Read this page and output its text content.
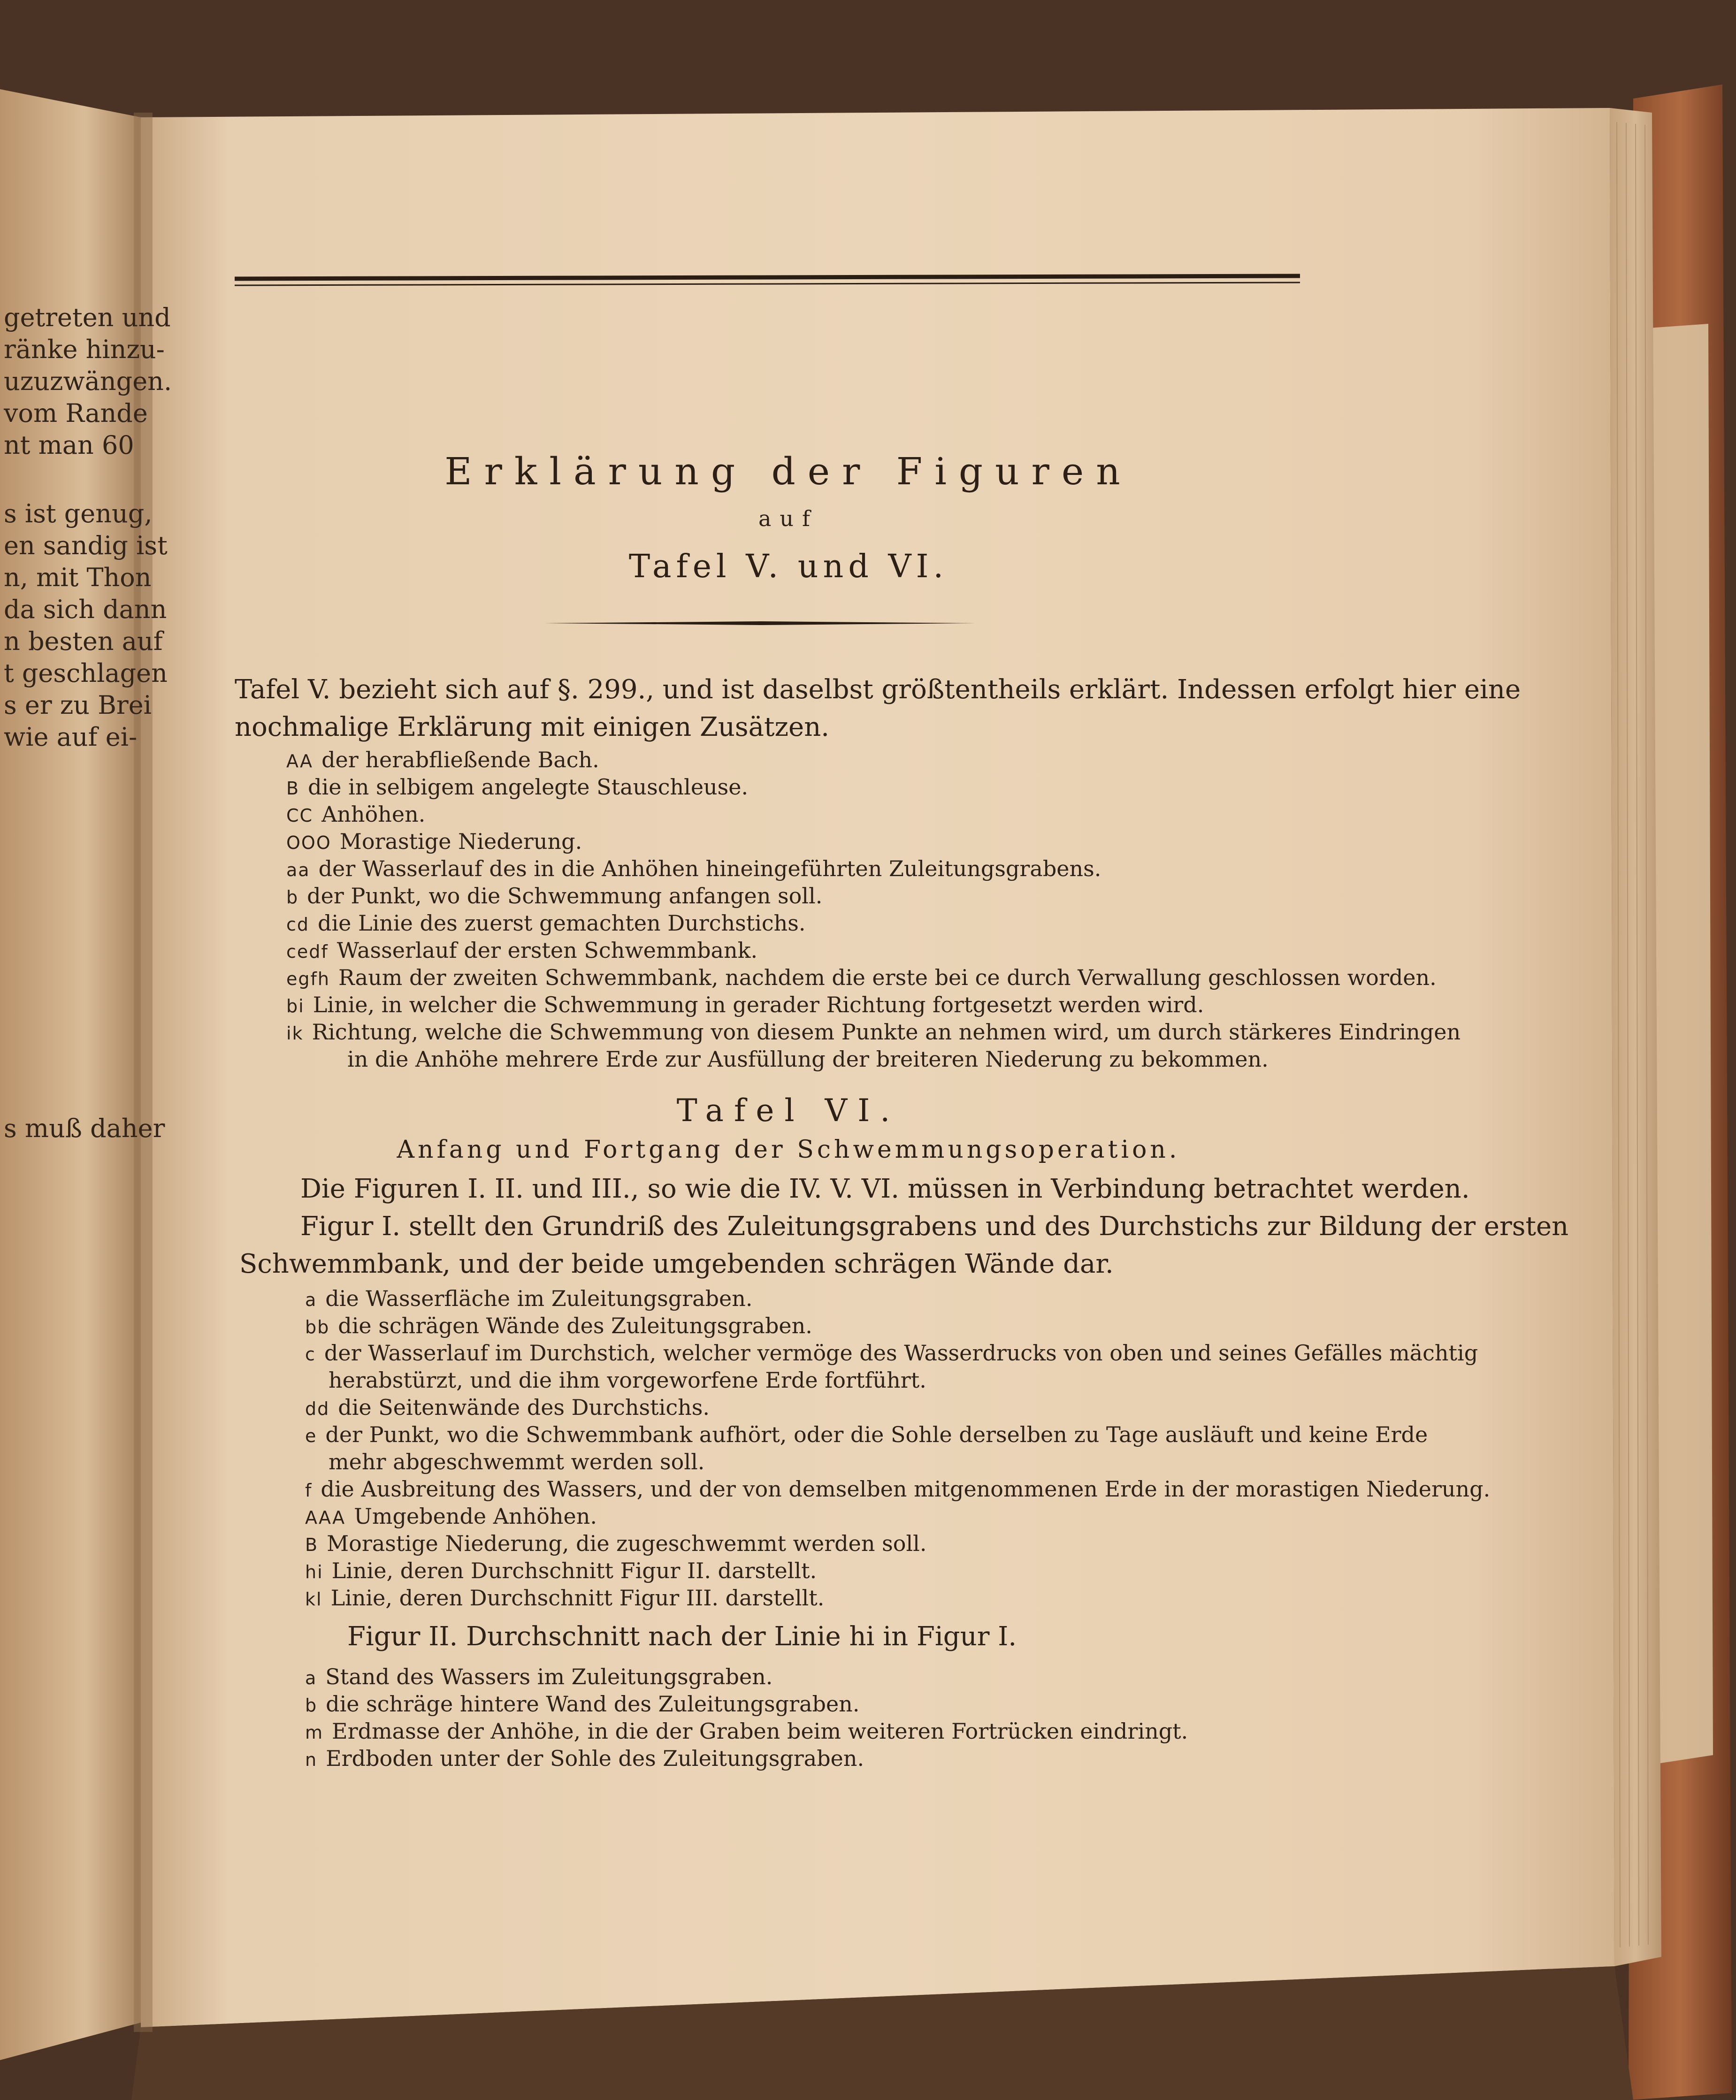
getreten und
ränke hinzu-
uzuzwängen.
vom Rande
nt man 60
s ist genug,
en sandig ist
n, mit Thon
da sich dann
n besten auf
t geschlagen
s er zu Brei
wie auf ei-
s muß daher
Erklärung der Figuren
auf
Tafel V. und VI.
Tafel V. bezieht sich auf §. 299., und ist daselbst größtentheils erklärt. Indessen erfolgt hier eine
nochmalige Erklärung mit einigen Zusätzen.
AA der herabfließende Bach.
B die in selbigem angelegte Stauschleuse.
CC Anhöhen.
OOO Morastige Niederung.
aa der Wasserlauf des in die Anhöhen hineingeführten Zuleitungsgrabens.
b der Punkt, wo die Schwemmung anfangen soll.
cd die Linie des zuerst gemachten Durchstichs.
cedf Wasserlauf der ersten Schwemmbank.
egfh Raum der zweiten Schwemmbank, nachdem die erste bei ce durch Verwallung geschlossen worden.
bi Linie, in welcher die Schwemmung in gerader Richtung fortgesetzt werden wird.
ik Richtung, welche die Schwemmung von diesem Punkte an nehmen wird, um durch stärkeres Eindringen
in die Anhöhe mehrere Erde zur Ausfüllung der breiteren Niederung zu bekommen.
Tafel VI.
Anfang und Fortgang der Schwemmungsoperation.
Die Figuren I. II. und III., so wie die IV. V. VI. müssen in Verbindung betrachtet werden.
Figur I. stellt den Grundriß des Zuleitungsgrabens und des Durchstichs zur Bildung der ersten
Schwemmbank, und der beide umgebenden schrägen Wände dar.
a die Wasserfläche im Zuleitungsgraben.
bb die schrägen Wände des Zuleitungsgraben.
c der Wasserlauf im Durchstich, welcher vermöge des Wasserdrucks von oben und seines Gefälles mächtig
herabstürzt, und die ihm vorgeworfene Erde fortführt.
dd die Seitenwände des Durchstichs.
e der Punkt, wo die Schwemmbank aufhört, oder die Sohle derselben zu Tage ausläuft und keine Erde
mehr abgeschwemmt werden soll.
f die Ausbreitung des Wassers, und der von demselben mitgenommenen Erde in der morastigen Niederung.
AAA Umgebende Anhöhen.
B Morastige Niederung, die zugeschwemmt werden soll.
hi Linie, deren Durchschnitt Figur II. darstellt.
kl Linie, deren Durchschnitt Figur III. darstellt.
Figur II. Durchschnitt nach der Linie hi in Figur I.
a Stand des Wassers im Zuleitungsgraben.
b die schräge hintere Wand des Zuleitungsgraben.
m Erdmasse der Anhöhe, in die der Graben beim weiteren Fortrücken eindringt.
n Erdboden unter der Sohle des Zuleitungsgraben.
